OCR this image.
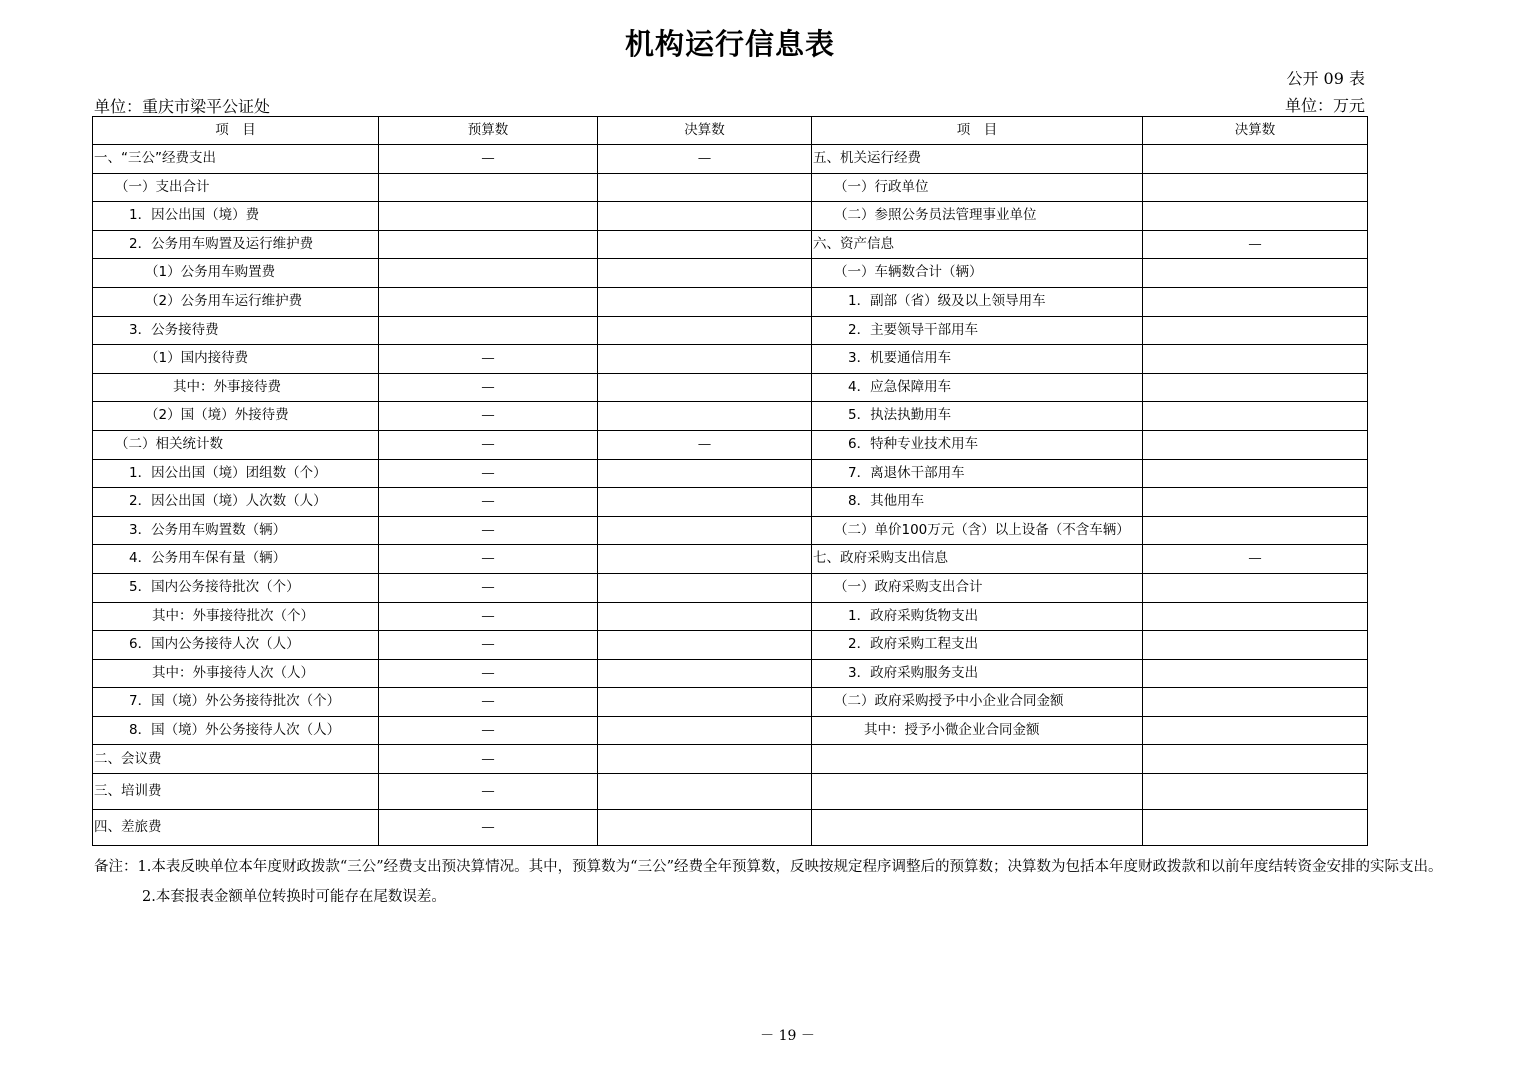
机构运行信息表
公开 09 表
单位：重庆市梁平公证处	单位：万元
项　目	预算数	决算数	项　目	决算数
一、“三公”经费支出	—	—	五、机关运行经费	
（一）支出合计			（一）行政单位	
1．因公出国（境）费			（二）参照公务员法管理事业单位	
2．公务用车购置及运行维护费			六、资产信息	—
（1）公务用车购置费			（一）车辆数合计（辆）	
（2）公务用车运行维护费			1．副部（省）级及以上领导用车	
3．公务接待费			2．主要领导干部用车	
（1）国内接待费	—		3．机要通信用车	
其中：外事接待费	—		4．应急保障用车	
（2）国（境）外接待费	—		5．执法执勤用车	
（二）相关统计数	—	—	6．特种专业技术用车	
1．因公出国（境）团组数（个）	—		7．离退休干部用车	
2．因公出国（境）人次数（人）	—		8．其他用车	
3．公务用车购置数（辆）	—		（二）单价100万元（含）以上设备（不含车辆）	
4．公务用车保有量（辆）	—		七、政府采购支出信息	—
5．国内公务接待批次（个）	—		（一）政府采购支出合计	
其中：外事接待批次（个）	—		1．政府采购货物支出	
6．国内公务接待人次（人）	—		2．政府采购工程支出	
其中：外事接待人次（人）	—		3．政府采购服务支出	
7．国（境）外公务接待批次（个）	—		（二）政府采购授予中小企业合同金额	
8．国（境）外公务接待人次（人）	—		其中：授予小微企业合同金额	
二、会议费	—			
三、培训费	—			
四、差旅费	—			
备注：1.本表反映单位本年度财政拨款“三公”经费支出预决算情况。其中，预算数为“三公”经费全年预算数，反映按规定程序调整后的预算数；决算数为包括本年度财政拨款和以前年度结转资金安排的实际支出。
2.本套报表金额单位转换时可能存在尾数误差。
－ 19 －
